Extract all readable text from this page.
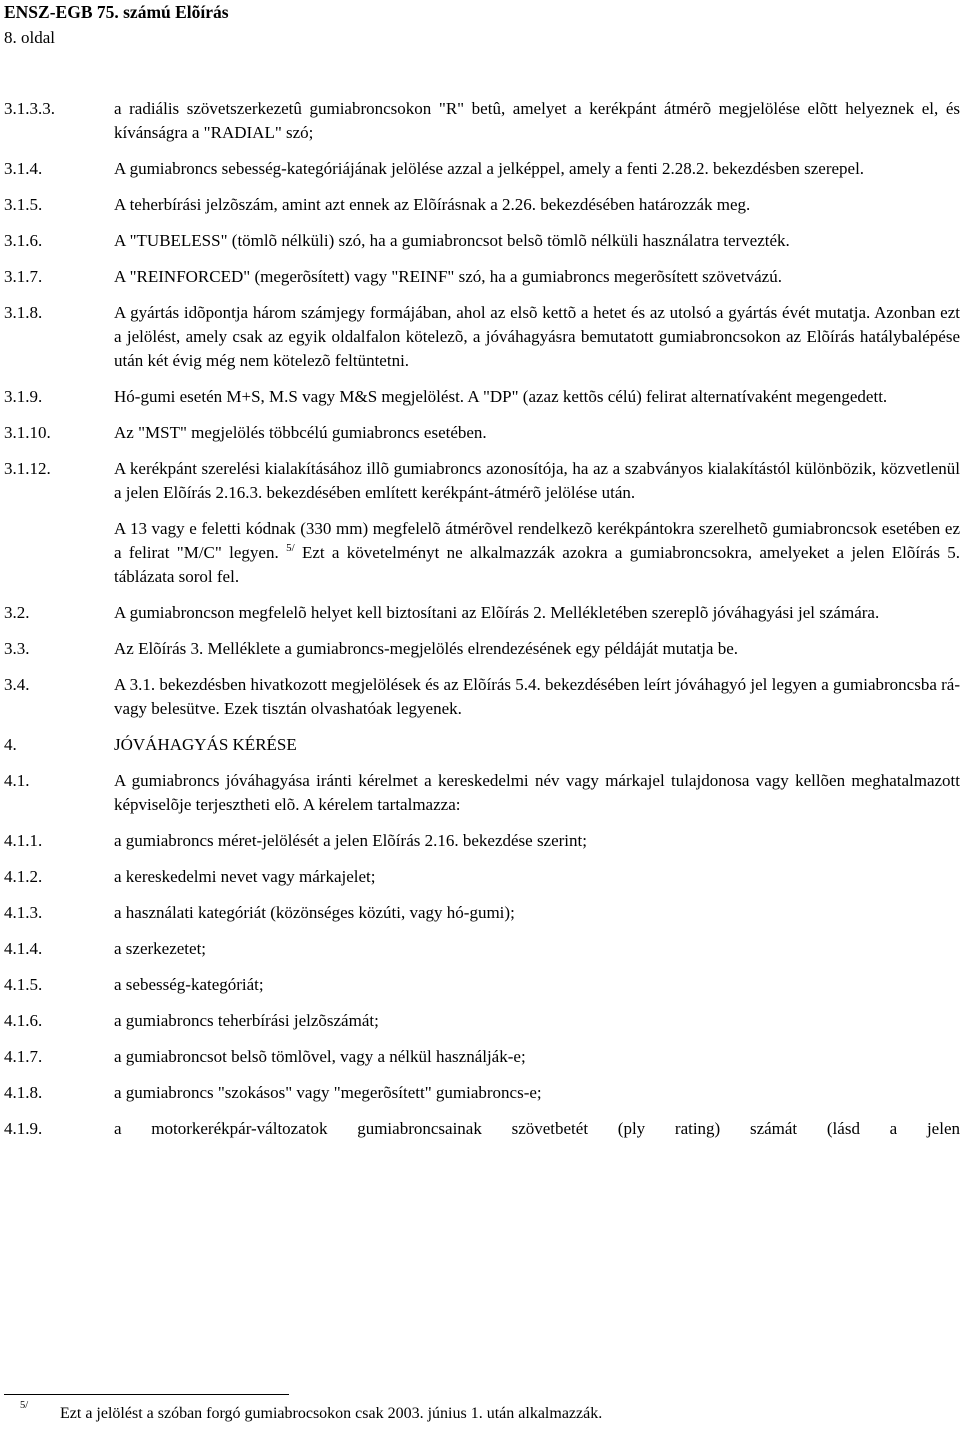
ENSZ-EGB 75. számú Elõírás
8. oldal
3.1.3.3.	a radiális szövetszerkezetû gumiabroncsokon "R" betû, amelyet a kerékpánt átmérõ megjelölése elõtt helyeznek el, és kívánságra a "RADIAL" szó;
3.1.4.	A gumiabroncs sebesség-kategóriájának jelölése azzal a jelképpel, amely a fenti 2.28.2. bekezdésben szerepel.
3.1.5.	A teherbírási jelzõszám, amint azt ennek az Elõírásnak a 2.26. bekezdésében határozzák meg.
3.1.6.	A "TUBELESS" (tömlõ nélküli) szó, ha a gumiabroncsot belsõ tömlõ nélküli használatra tervezték.
3.1.7.	A "REINFORCED" (megerõsített) vagy "REINF" szó, ha a gumiabroncs megerõsített szövetvázú.
3.1.8.	A gyártás idõpontja három számjegy formájában, ahol az elsõ kettõ a hetet és az utolsó a gyártás évét mutatja. Azonban ezt a jelölést, amely csak az egyik oldalfalon kötelezõ, a jóváhagyásra bemutatott gumiabroncsokon az Elõírás hatálybalépése után két évig még nem kötelezõ feltüntetni.
3.1.9.	Hó-gumi esetén M+S, M.S vagy M&S megjelölést. A "DP" (azaz kettõs célú) felirat alternatívaként megengedett.
3.1.10.	Az "MST" megjelölés többcélú gumiabroncs esetében.
3.1.12.	A kerékpánt szerelési kialakításához illõ gumiabroncs azonosítója, ha az a szabványos kialakítástól különbözik, közvetlenül a jelen Elõírás 2.16.3. bekezdésében említett kerékpánt-átmérõ jelölése után.
A 13 vagy e feletti kódnak (330 mm) megfelelõ átmérõvel rendelkezõ kerékpántokra szerelhetõ gumiabroncsok esetében ez a felirat "M/C" legyen. $^{5/}$ Ezt a követelményt ne alkalmazzák azokra a gumiabroncsokra, amelyeket a jelen Elõírás 5. táblázata sorol fel.
3.2.	A gumiabroncson megfelelõ helyet kell biztosítani az Elõírás 2. Mellékletében szereplõ jóváhagyási jel számára.
3.3.	Az Elõírás 3. Melléklete a gumiabroncs-megjelölés elrendezésének egy példáját mutatja be.
3.4.	A 3.1. bekezdésben hivatkozott megjelölések és az Elõírás 5.4. bekezdésében leírt jóváhagyó jel legyen a gumiabroncsba rá- vagy belesütve. Ezek tisztán olvashatóak legyenek.
4.	JÓVÁHAGYÁS KÉRÉSE
4.1.	A gumiabroncs jóváhagyása iránti kérelmet a kereskedelmi név vagy márkajel tulajdonosa vagy kellõen meghatalmazott képviselõje terjesztheti elõ. A kérelem tartalmazza:
4.1.1.	a gumiabroncs méret-jelölését a jelen Elõírás 2.16. bekezdése szerint;
4.1.2.	a kereskedelmi nevet vagy márkajelet;
4.1.3.	a használati kategóriát (közönséges közúti, vagy hó-gumi);
4.1.4.	a szerkezetet;
4.1.5.	a sebesség-kategóriát;
4.1.6.	a gumiabroncs teherbírási jelzõszámát;
4.1.7.	a gumiabroncsot belsõ tömlõvel, vagy a nélkül használják-e;
4.1.8.	a gumiabroncs "szokásos" vagy "megerõsített" gumiabroncs-e;
4.1.9.	a motorkerékpár-változatok gumiabroncsainak szövetbetét (ply rating) számát (lásd a jelen
5/ Ezt a jelölést a szóban forgó gumiabrocsokon csak 2003. június 1. után alkalmazzák.
